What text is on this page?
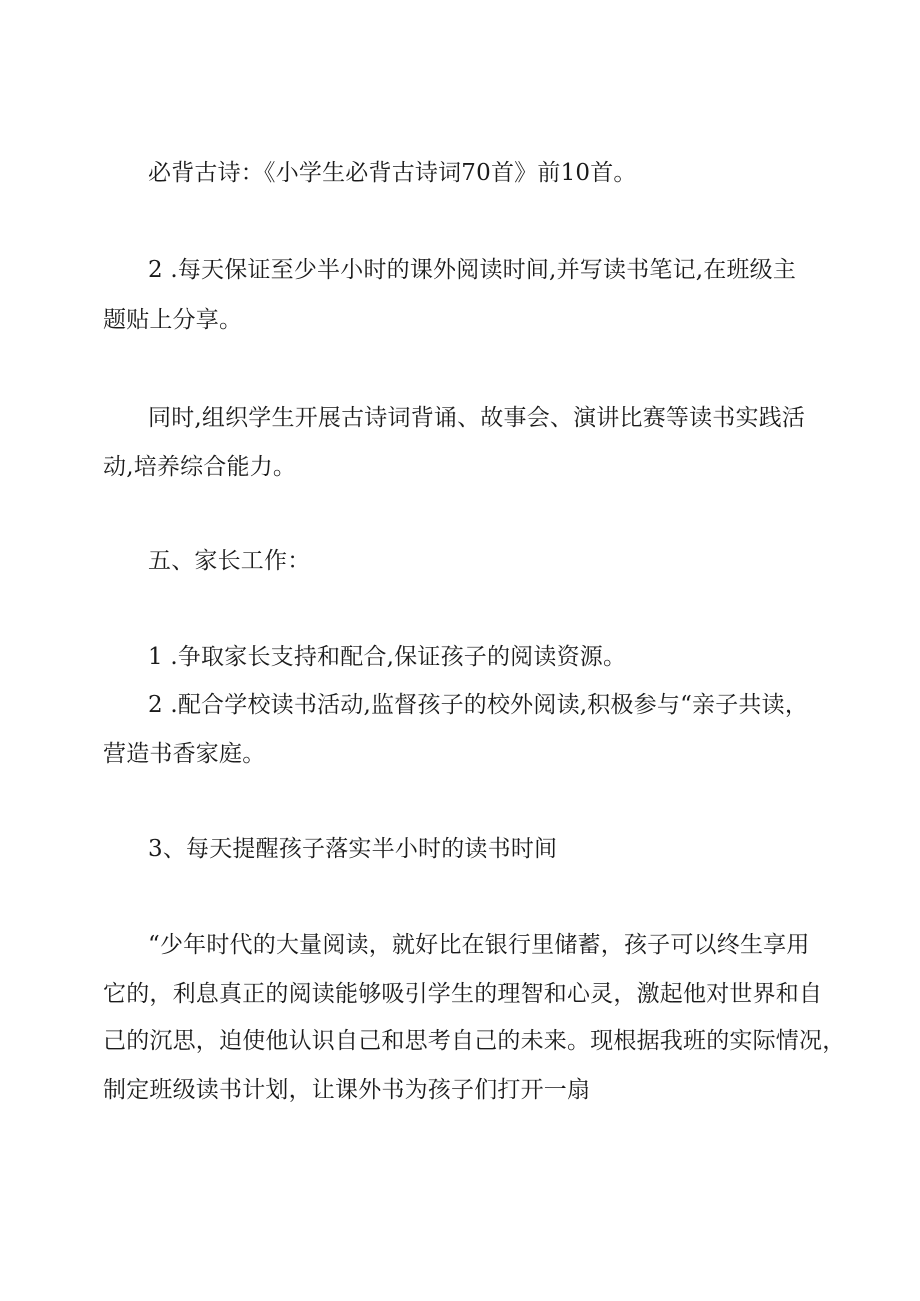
必背古诗：《小学生必背古诗词70首》前10首。
2 .每天保证至少半小时的课外阅读时间,并写读书笔记,在班级主
题贴上分享。
同时,组织学生开展古诗词背诵、故事会、演讲比赛等读书实践活
动,培养综合能力。
五、家长工作：
1 .争取家长支持和配合,保证孩子的阅读资源。
2 .配合学校读书活动,监督孩子的校外阅读,积极参与“亲子共读，
营造书香家庭。
3、每天提醒孩子落实半小时的读书时间
“少年时代的大量阅读，就好比在银行里储蓄，孩子可以终生享用
它的，利息真正的阅读能够吸引学生的理智和心灵，激起他对世界和自
己的沉思，迫使他认识自己和思考自己的未来。现根据我班的实际情况，
制定班级读书计划，让课外书为孩子们打开一扇
